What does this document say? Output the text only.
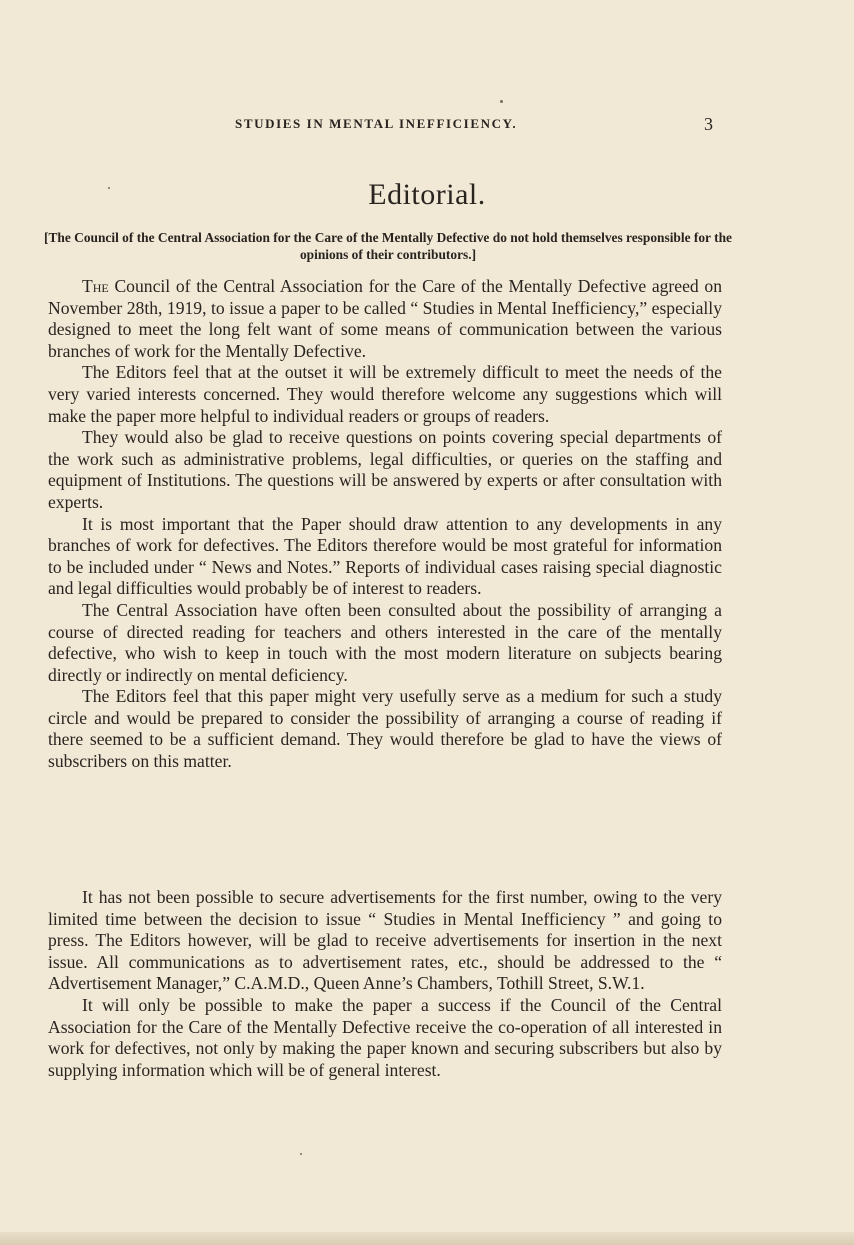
STUDIES IN MENTAL INEFFICIENCY.	3
Editorial.
[The Council of the Central Association for the Care of the Mentally Defective do not hold themselves responsible for the opinions of their contributors.]

The Council of the Central Association for the Care of the Mentally Defective agreed on November 28th, 1919, to issue a paper to be called “ Studies in Mental Inefficiency,” especially designed to meet the long felt want of some means of communication between the various branches of work for the Mentally Defective.

The Editors feel that at the outset it will be extremely difficult to meet the needs of the very varied interests concerned. They would therefore welcome any suggestions which will make the paper more helpful to individual readers or groups of readers.

They would also be glad to receive questions on points covering special departments of the work such as administrative problems, legal difficulties, or queries on the staffing and equipment of Institutions. The questions will be answered by experts or after consultation with experts.

It is most important that the Paper should draw attention to any developments in any branches of work for defectives. The Editors therefore would be most grateful for information to be included under “ News and Notes.” Reports of individual cases raising special diagnostic and legal difficulties would probably be of interest to readers.

The Central Association have often been consulted about the possibility of arranging a course of directed reading for teachers and others interested in the care of the mentally defective, who wish to keep in touch with the most modern literature on subjects bearing directly or indirectly on mental deficiency.

The Editors feel that this paper might very usefully serve as a medium for such a study circle and would be prepared to consider the possibility of arranging a course of reading if there seemed to be a sufficient demand. They would therefore be glad to have the views of subscribers on this matter.

It has not been possible to secure advertisements for the first number, owing to the very limited time between the decision to issue “ Studies in Mental Inefficiency ” and going to press. The Editors however, will be glad to receive advertisements for insertion in the next issue. All communications as to advertisement rates, etc., should be addressed to the “ Advertisement Manager,” C.A.M.D., Queen Anne’s Chambers, Tothill Street, S.W.1.

It will only be possible to make the paper a success if the Council of the Central Association for the Care of the Mentally Defective receive the co-operation of all interested in work for defectives, not only by making the paper known and securing subscribers but also by supplying information which will be of general interest.
